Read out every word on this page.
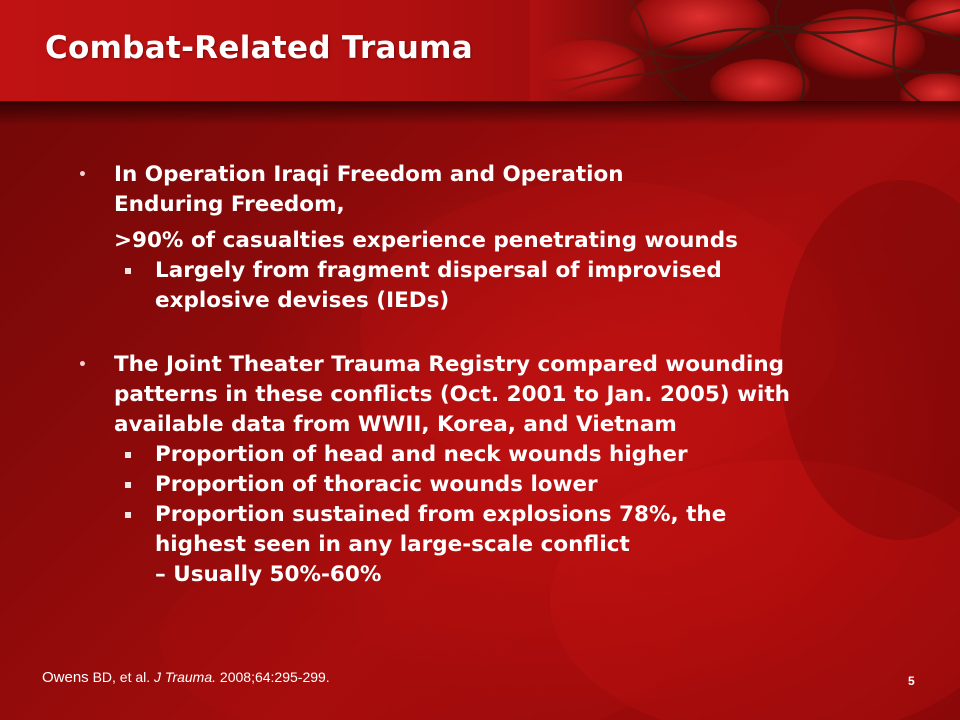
Combat-Related Trauma
• In Operation Iraqi Freedom and Operation
Enduring Freedom,
>90% of casualties experience penetrating wounds
Largely from fragment dispersal of improvised
explosive devises (IEDs)
• The Joint Theater Trauma Registry compared wounding
patterns in these conflicts (Oct. 2001 to Jan. 2005) with
available data from WWII, Korea, and Vietnam
Proportion of head and neck wounds higher
Proportion of thoracic wounds lower
Proportion sustained from explosions 78%, the
highest seen in any large-scale conflict
– Usually 50%-60%
Owens BD, et al. J Trauma. 2008;64:295-299.	5
